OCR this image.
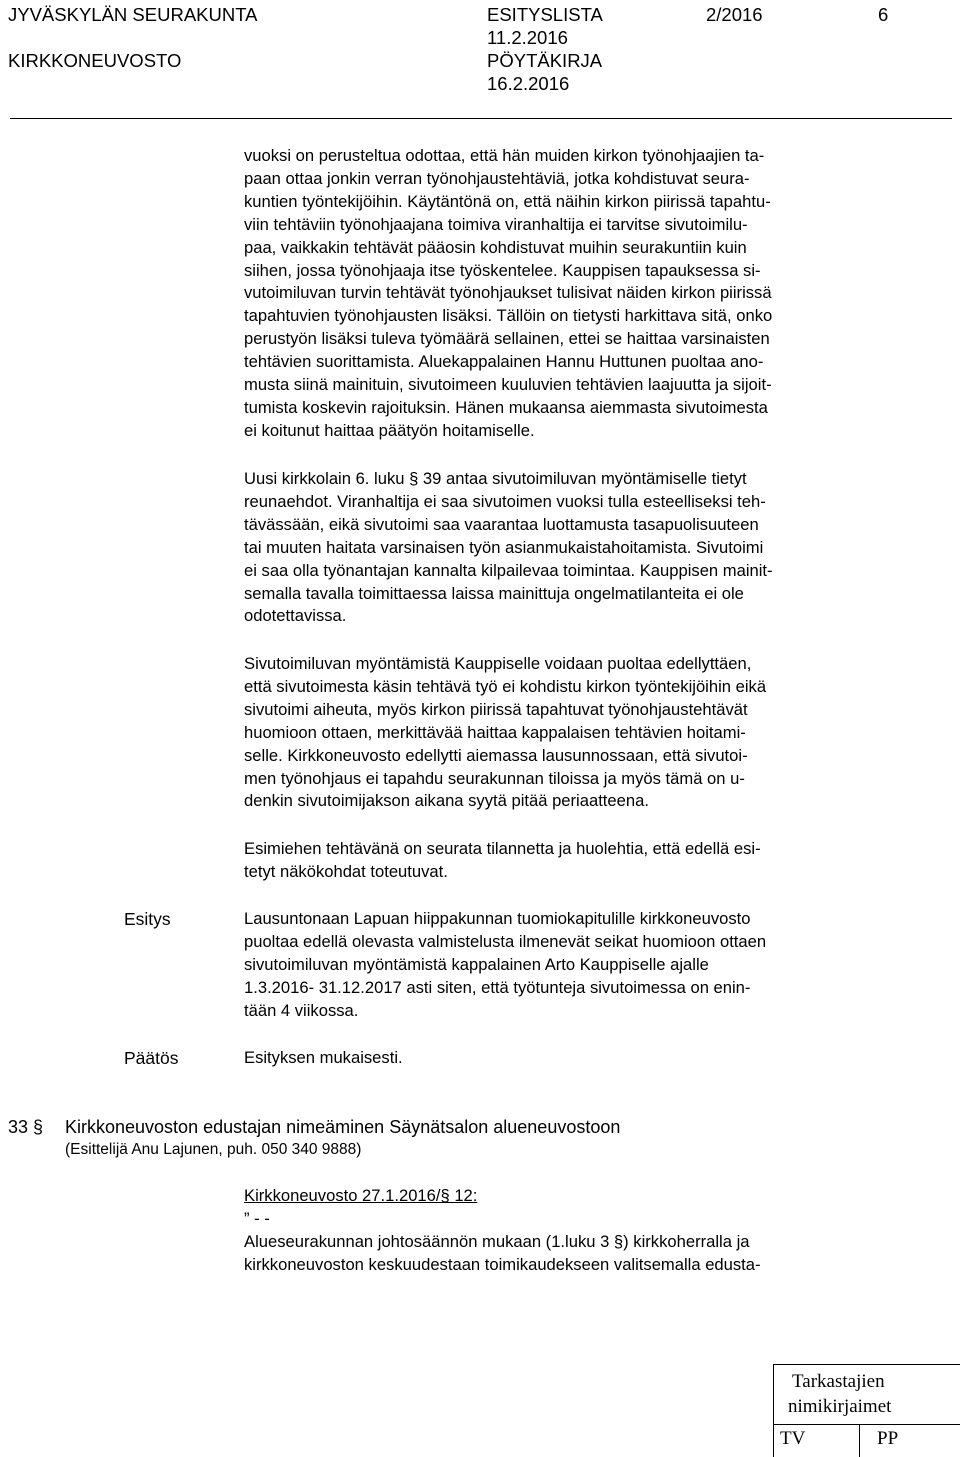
JYVÄSKYLÄN SEURAKUNTA
KIRKKONEUVOSTO
ESITYSLISTA
11.2.2016
PÖYTÄKIRJA
16.2.2016
2/2016	6
vuoksi on perusteltua odottaa, että hän muiden kirkon työnohjaajien ta-
paan ottaa jonkin verran työnohjaustehtäviä, jotka kohdistuvat seura-
kuntien työntekijöihin. Käytäntönä on, että näihin kirkon piirissä tapahtu-
viin tehtäviin työnohjaajana toimiva viranhaltija ei tarvitse sivutoimilu-
paa, vaikkakin tehtävät pääosin kohdistuvat muihin seurakuntiin kuin
siihen, jossa työnohjaaja itse työskentelee. Kauppisen tapauksessa si-
vutoimiluvan turvin tehtävät työnohjaukset tulisivat näiden kirkon piirissä
tapahtuvien työnohjausten lisäksi. Tällöin on tietysti harkittava sitä, onko
perustyön lisäksi tuleva työmäärä sellainen, ettei se haittaa varsinaisten
tehtävien suorittamista. Aluekappalainen Hannu Huttunen puoltaa ano-
musta siinä mainituin, sivutoimeen kuuluvien tehtävien laajuutta ja sijoit-
tumista koskevin rajoituksin. Hänen mukaansa aiemmasta sivutoimesta
ei koitunut haittaa päätyön hoitamiselle.
Uusi kirkkolain 6. luku § 39 antaa sivutoimiluvan myöntämiselle tietyt
reunaehdot. Viranhaltija ei saa sivutoimen vuoksi tulla esteelliseksi teh-
tävässään, eikä sivutoimi saa vaarantaa luottamusta tasapuolisuuteen
tai muuten haitata varsinaisen työn asianmukaistahoitamista. Sivutoimi
ei saa olla työnantajan kannalta kilpailevaa toimintaa. Kauppisen mainit-
semalla tavalla toimittaessa laissa mainittuja ongelmatilanteita ei ole
odotettavissa.
Sivutoimiluvan myöntämistä Kauppiselle voidaan puoltaa edellyttäen,
että sivutoimesta käsin tehtävä työ ei kohdistu kirkon työntekijöihin eikä
sivutoimi aiheuta, myös kirkon piirissä tapahtuvat työnohjaustehtävät
huomioon ottaen, merkittävää haittaa kappalaisen tehtävien hoitami-
selle. Kirkkoneuvosto edellytti aiemassa lausunnossaan, että sivutoi-
men työnohjaus ei tapahdu seurakunnan tiloissa ja myös tämä on u-
denkin sivutoimijakson aikana syytä pitää periaatteena.
Esimiehen tehtävänä on seurata tilannetta ja huolehtia, että edellä esi-
tetyt näkökohdat toteutuvat.
Esitys	Lausuntonaan Lapuan hiippakunnan tuomiokapitulille kirkkoneuvosto
puoltaa edellä olevasta valmistelusta ilmenevät seikat huomioon ottaen
sivutoimiluvan myöntämistä kappalainen Arto Kauppiselle ajalle
1.3.2016- 31.12.2017 asti siten, että työtunteja sivutoimessa on enin-
tään 4 viikossa.
Päätös	Esityksen mukaisesti.
33 § Kirkkoneuvoston edustajan nimeäminen Säynätsalon alueneuvostoon
(Esittelijä Anu Lajunen, puh. 050 340 9888)
Kirkkoneuvosto 27.1.2016/§ 12:
” - -
Alueseurakunnan johtosäännön mukaan (1.luku 3 §) kirkkoherralla ja
kirkkoneuvoston keskuudestaan toimikaudekseen valitsemalla edusta-
Tarkastajien
nimikirjaimet
TV	PP
